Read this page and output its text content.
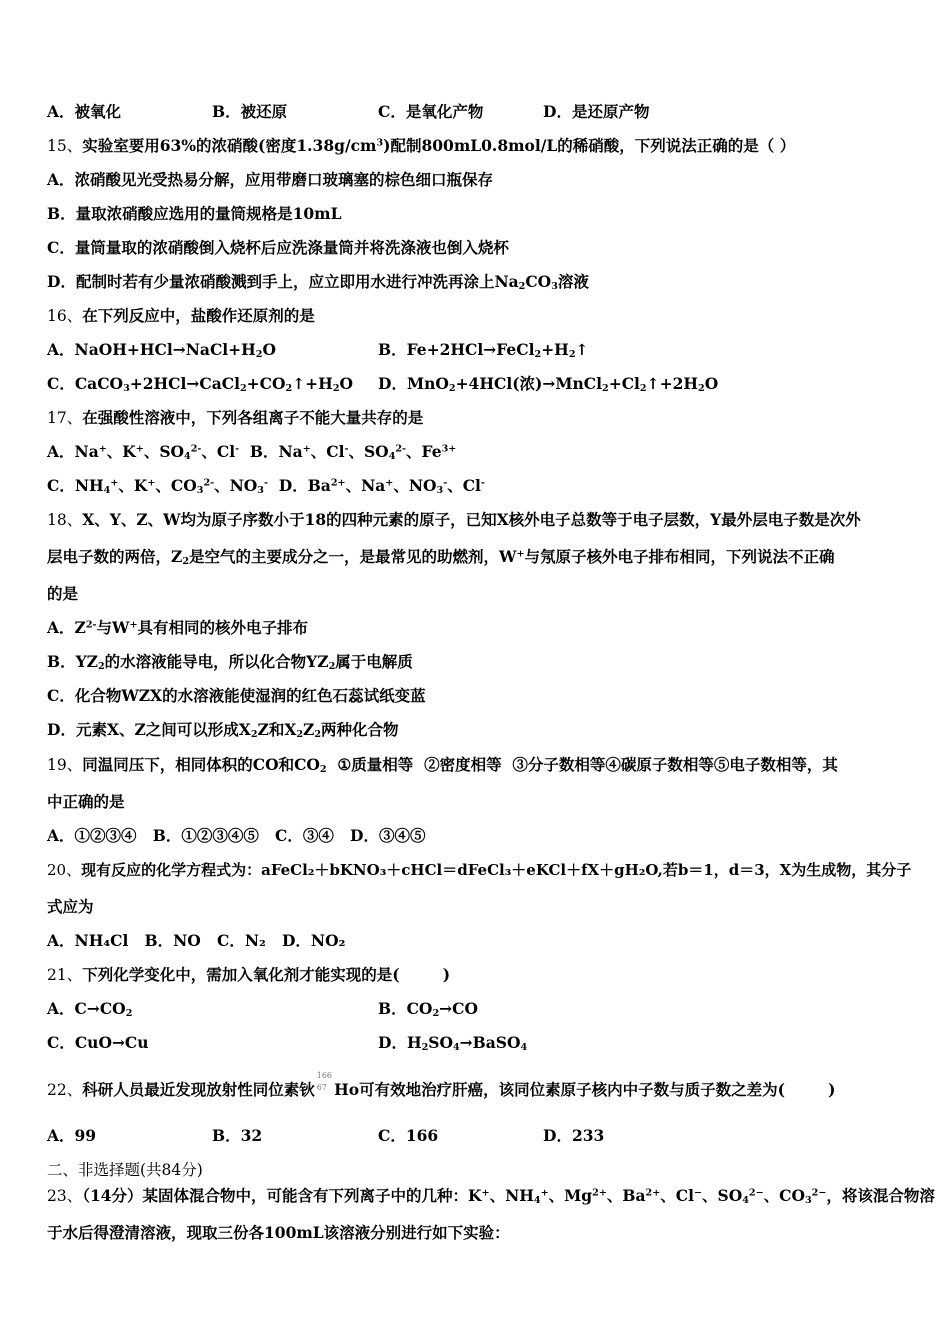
A．被氧化	B．被还原	C．是氧化产物	D．是还原产物
15、实验室要用63%的浓硝酸(密度$1.38g/cm^3$)配制800mL0.8mol/L的稀硝酸，下列说法正确的是（ ）
A．浓硝酸见光受热易分解，应用带磨口玻璃塞的棕色细口瓶保存
B．量取浓硝酸应选用的量筒规格是10mL
C．量筒量取的浓硝酸倒入烧杯后应洗涤量筒并将洗涤液也倒入烧杯
D．配制时若有少量浓硝酸溅到手上，应立即用水进行冲洗再涂上$Na_2CO_3$溶液
16、在下列反应中，盐酸作还原剂的是
A．$NaOH+HCl\to NaCl+H_2O$	B．$Fe+2HCl\to FeCl_2+H_2↑$
C．$CaCO_3+2HCl\to CaCl_2+CO_2↑+H_2O$ D．MnO$_2$+4HCl(浓)$\to MnCl_2+Cl_2↑+2H_2O$
17、在强酸性溶液中，下列各组离子不能大量共存的是
A．Na+、K+、$SO_4^{2-}$、Cl-  B．Na+、Cl-、$SO_4^{2-}$、$Fe^{3+}$
C．$NH_4^+$、K+、$CO_3^{2-}$、$NO_3^-$  D．$Ba^{2+}$、Na+、$NO_3^-$、Cl-
18、X、Y、Z、W均为原子序数小于18的四种元素的原子，已知X核外电子总数等于电子层数，Y最外层电子数是次外
层电子数的两倍，$Z_2$是空气的主要成分之一，是最常见的助燃剂，W+与氖原子核外电子排布相同，下列说法不正确
的是
A．$Z^{2-}$与W+具有相同的核外电子排布
B．$YZ_2$的水溶液能导电，所以化合物$YZ_2$属于电解质
C．化合物WZX的水溶液能使湿润的红色石蕊试纸变蓝
D．元素X、Z之间可以形成$X_2Z$和$X_2Z_2$两种化合物
19、同温同压下，相同体积的CO和$CO_2$  ①质量相等  ②密度相等  ③分子数相等④碳原子数相等⑤电子数相等，其
中正确的是
A．①②③④   B．①②③④⑤   C．③④   D．③④⑤
20、现有反应的化学方程式为：aFeCl₂＋bKNO₃＋cHCl＝dFeCl₃＋eKCl＋fX＋gH₂O,若b＝1，d＝3，X为生成物，其分子
式应为
A．NH₄Cl   B．NO   C．N₂   D．NO₂
21、下列化学变化中，需加入氧化剂才能实现的是(        )
A．$C\to CO_2$	B．$CO_2\to CO$
C．CuO→Cu	D．$H_2SO_4\to BaSO_4$
22、科研人员最近发现放射性同位素钬
166
67 Ho可有效地治疗肝癌，该同位素原子核内中子数与质子数之差为(        )
A．99	B．32	C．166	D．233
二、非选择题(共84分)
23、（14分）某固体混合物中，可能含有下列离子中的几种：K+、$NH_4^+$、$Mg^{2+}$、$Ba^{2+}$、Cl−、$SO_4^{2-}$、$CO_3^{2-}$，将该混合物溶
于水后得澄清溶液，现取三份各100mL该溶液分别进行如下实验：
